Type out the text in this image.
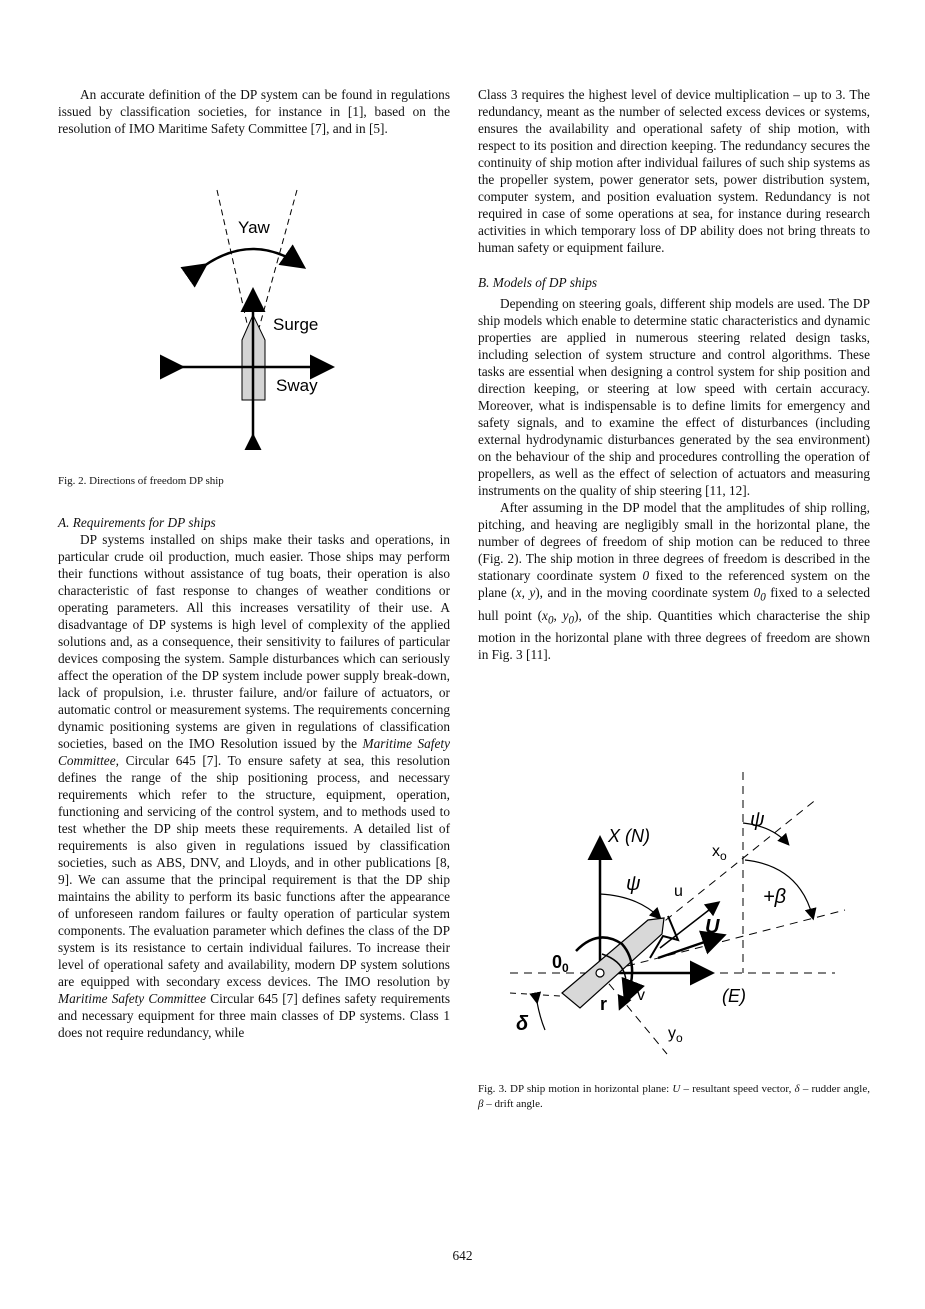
An accurate definition of the DP system can be found in regulations issued by classification societies, for instance in [1], based on the resolution of IMO Maritime Safety Committee [7], and in [5].

Yaw
Surge
Sway
Fig. 2. Directions of freedom DP ship

A. Requirements for DP ships

DP systems installed on ships make their tasks and operations, in particular crude oil production, much easier. Those ships may perform their functions without assistance of tug boats, their operation is also characteristic of fast response to changes of weather conditions or operating parameters. All this increases versatility of their use. A disadvantage of DP systems is high level of complexity of the applied solutions and, as a consequence, their sensitivity to failures of particular devices composing the system. Sample disturbances which can seriously affect the operation of the DP system include power supply break-down, lack of propulsion, i.e. thruster failure, and/or failure of actuators, or automatic control or measurement systems. The requirements concerning dynamic positioning systems are given in regulations of classification societies, based on the IMO Resolution issued by the Maritime Safety Committee, Circular 645 [7]. To ensure safety at sea, this resolution defines the range of the ship positioning process, and necessary requirements which refer to the structure, equipment, operation, functioning and servicing of the control system, and to methods used to test whether the DP ship meets these requirements. A detailed list of requirements is also given in regulations issued by classification societies, such as ABS, DNV, and Lloyds, and in other publications [8, 9]. We can assume that the principal requirement is that the DP ship maintains the ability to perform its basic functions after the appearance of unforeseen random failures or faulty operation of particular system components. The evaluation parameter which defines the class of the DP system is its resistance to certain individual failures. To increase their level of operational safety and availability, modern DP system solutions are equipped with secondary excess devices. The IMO resolution by Maritime Safety Committee Circular 645 [7] defines safety requirements and necessary equipment for three main classes of DP systems. Class 1 does not require redundancy, while

Class 3 requires the highest level of device multiplication – up to 3. The redundancy, meant as the number of selected excess devices or systems, ensures the availability and operational safety of ship motion, with respect to its position and direction keeping. The redundancy secures the continuity of ship motion after individual failures of such ship systems as the propeller system, power generator sets, power distribution system, computer system, and position evaluation system. Redundancy is not required in case of some operations at sea, for instance during research activities in which temporary loss of DP ability does not bring threats to human safety or equipment failure.

B. Models of DP ships

Depending on steering goals, different ship models are used. The DP ship models which enable to determine static characteristics and dynamic properties are applied in numerous steering related design tasks, including selection of system structure and control algorithms. These tasks are essential when designing a control system for ship position and direction keeping, or steering at low speed with certain accuracy. Moreover, what is indispensable is to define limits for emergency and safety signals, and to examine the effect of disturbances (including external hydrodynamic disturbances generated by the sea environment) on the behaviour of the ship and procedures controlling the operation of propellers, as well as the effect of selection of actuators and measuring instruments on the quality of ship steering [11, 12].

After assuming in the DP model that the amplitudes of ship rolling, pitching, and heaving are negligibly small in the horizontal plane, the number of degrees of freedom of ship motion can be reduced to three (Fig. 2). The ship motion in three degrees of freedom is described in the stationary coordinate system 0 fixed to the referenced system on the plane (x, y), and in the moving coordinate system $0_0$ fixed to a selected hull point ($x_0$, $y_0$), of the ship. Quantities which characterise the ship motion in the horizontal plane with three degrees of freedom are shown in Fig. 3 [11].

X (N)
(E)
ψ
$x_o$
+β
ψ u
U
$0_0$
v
r
$y_o$
δ
Fig. 3. DP ship motion in horizontal plane: U – resultant speed vector, δ – rudder angle, β – drift angle.
642
